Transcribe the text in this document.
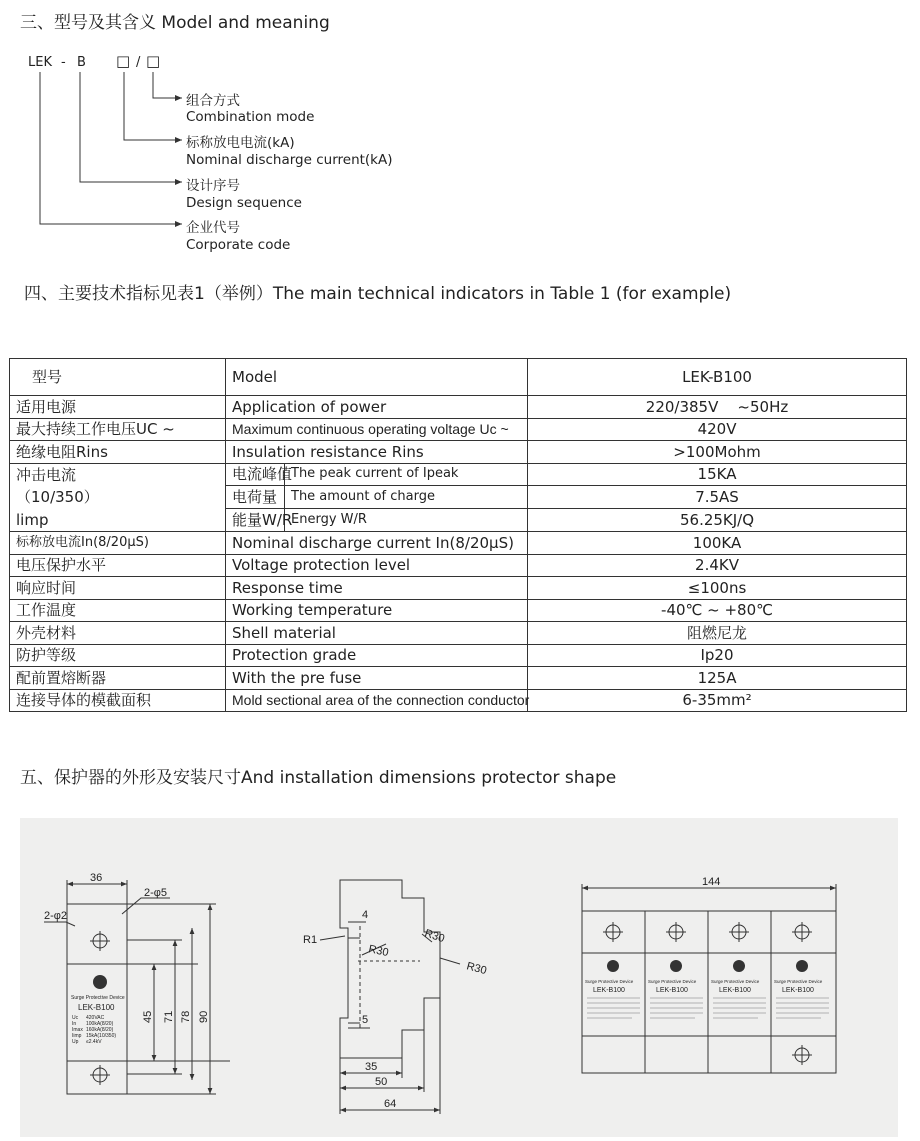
三、型号及其含义 Model and meaning
LEK - B □ / □
组合方式
Combination mode
标称放电电流(kA)
Nominal discharge current(kA)
设计序号
Design sequence
企业代号
Corporate code
四、主要技术指标见表1（举例）The main technical indicators in Table 1 (for example)
型号	Model		LEK-B100
适用电源	Application of power		220/385V    ~50Hz
最大持续工作电压UC ~	Maximum continuous operating voltage Uc ~		420V
绝缘电阻Rins	Insulation resistance Rins		>100Mohm

冲击电流
（10/350）
limp	电流峰值	The peak current of Ipeak	15KA
	电荷量	The amount of charge	7.5AS
	能量W/R	Energy W/R	56.25KJ/Q
标称放电流In(8/20μS)	Nominal discharge current In(8/20μS)		100KA
电压保护水平	Voltage protection level		2.4KV
响应时间	Response time		≤100ns
工作温度	Working temperature		-40℃ ~ +80℃
外壳材料	Shell material		阻燃尼龙
防护等级	Protection grade		Ip20
配前置熔断器	With the pre fuse		125A
连接导体的模截面积	Mold sectional area of the connection conductor		6-35mm²
五、保护器的外形及安装尺寸And installation dimensions protector shape
36
2-φ5
2-φ2
45 71 78 90
Surge Protective Device
LEK-B100
Uc 420VAC
In 100kA(8/20)
Imax 160kA(8/20)
Iimp 15kA(10/350)
Up ≤2.4kV
Surge Protective Device
LEK-B100
Surge Protective Device
LEK-B100
Surge Protective Device
LEK-B100
Surge Protective Device
LEK-B100
4
R1
R30
R30
R30
5
35
50
64
144
